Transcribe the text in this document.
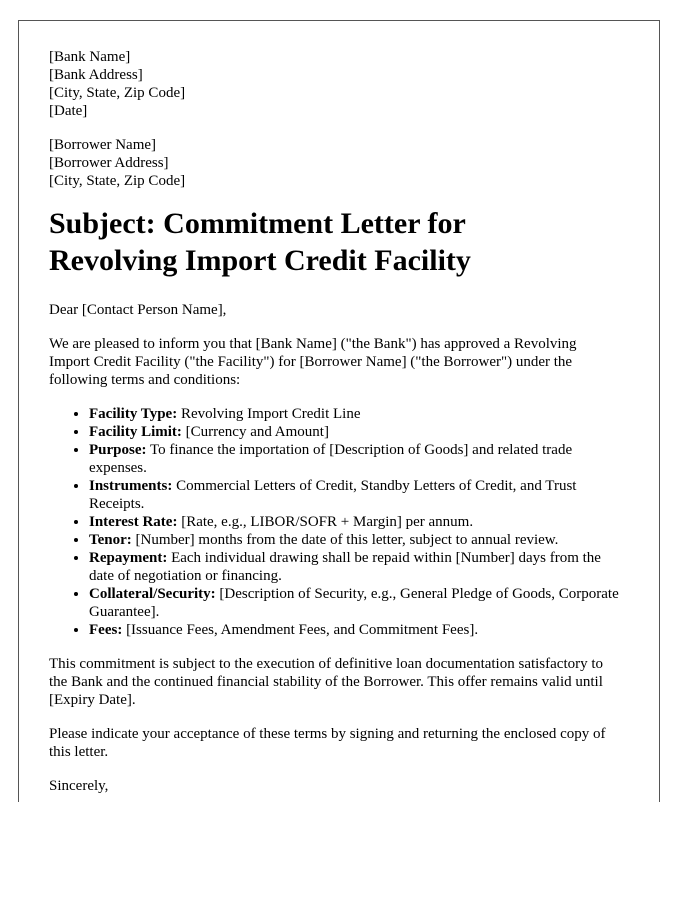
[Bank Name]
[Bank Address]
[City, State, Zip Code]
[Date]
[Borrower Name]
[Borrower Address]
[City, State, Zip Code]
Subject: Commitment Letter for
Revolving Import Credit Facility

Dear [Contact Person Name],

We are pleased to inform you that [Bank Name] ("the Bank") has approved a Revolving Import Credit Facility ("the Facility") for [Borrower Name] ("the Borrower") under the following terms and conditions:

• Facility Type: Revolving Import Credit Line
• Facility Limit: [Currency and Amount]
• Purpose: To finance the importation of [Description of Goods] and related trade expenses.
• Instruments: Commercial Letters of Credit, Standby Letters of Credit, and Trust Receipts.
• Interest Rate: [Rate, e.g., LIBOR/SOFR + Margin] per annum.
• Tenor: [Number] months from the date of this letter, subject to annual review.
• Repayment: Each individual drawing shall be repaid within [Number] days from the date of negotiation or financing.
• Collateral/Security: [Description of Security, e.g., General Pledge of Goods, Corporate Guarantee].
• Fees: [Issuance Fees, Amendment Fees, and Commitment Fees].

This commitment is subject to the execution of definitive loan documentation satisfactory to the Bank and the continued financial stability of the Borrower. This offer remains valid until [Expiry Date].

Please indicate your acceptance of these terms by signing and returning the enclosed copy of this letter.

Sincerely,
